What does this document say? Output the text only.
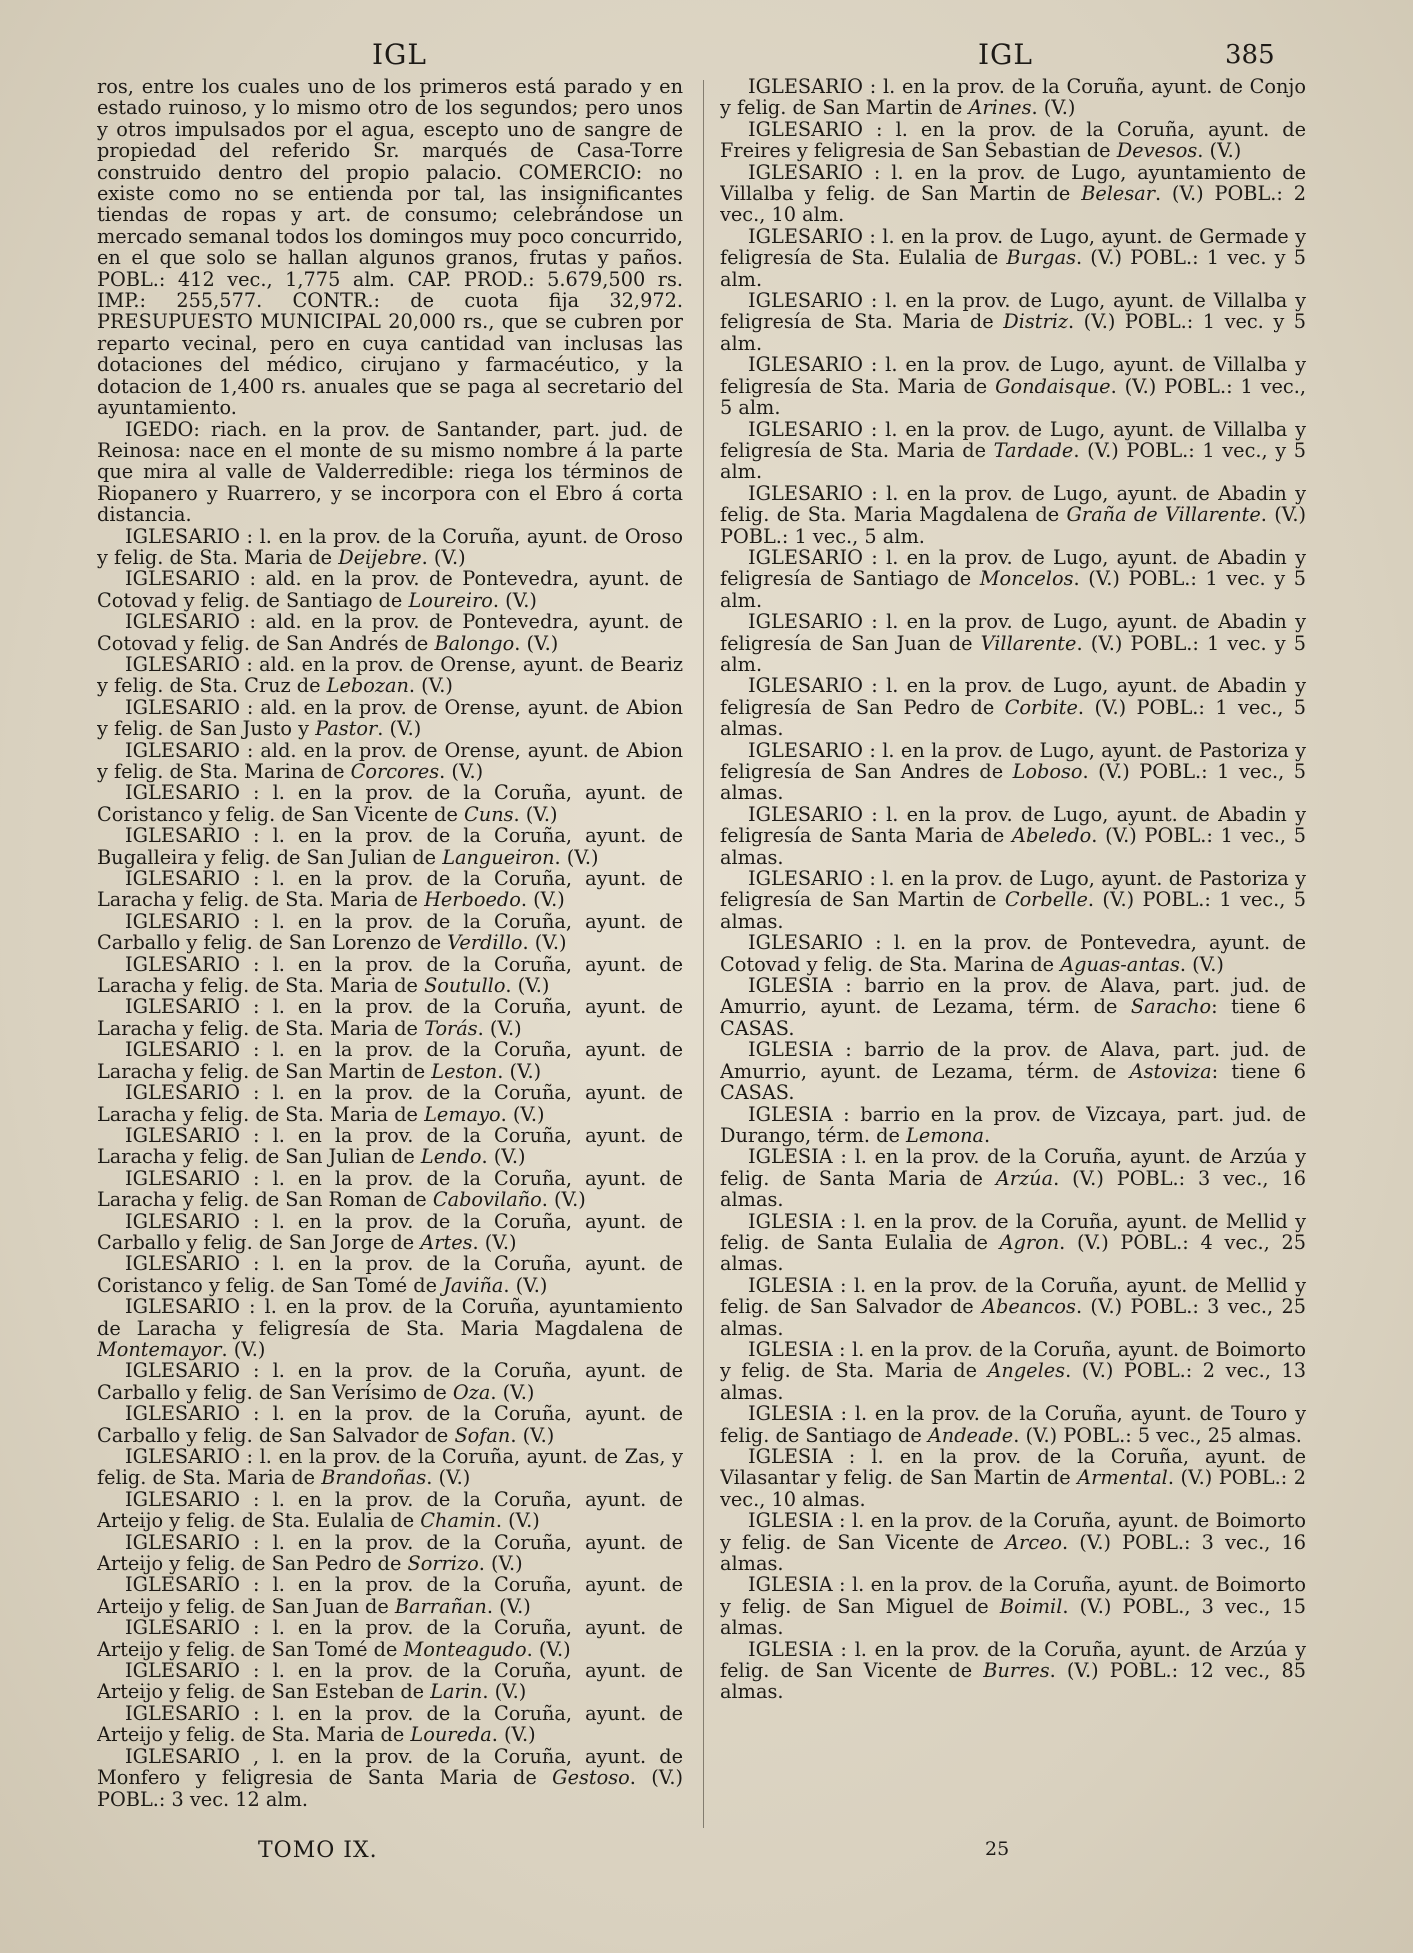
IGL	IGL	385

ros, entre los cuales uno de los primeros está parado y en estado ruinoso, y lo mismo otro de los segundos; pero unos y otros impulsados por el agua, escepto uno de sangre de propiedad del referido Sr. marqués de Casa-Torre construido dentro del propio palacio. COMERCIO: no existe como no se entienda por tal, las insignificantes tiendas de ropas y art. de consumo; celebrándose un mercado semanal todos los domingos muy poco concurrido, en el que solo se hallan algunos granos, frutas y paños. POBL.: 412 vec., 1,775 alm. CAP. PROD.: 5.679,500 rs. IMP.: 255,577. CONTR.: de cuota fija 32,972. PRESUPUESTO MUNICIPAL 20,000 rs., que se cubren por reparto vecinal, pero en cuya cantidad van inclusas las dotaciones del médico, cirujano y farmacéutico, y la dotacion de 1,400 rs. anuales que se paga al secretario del ayuntamiento.

IGEDO: riach. en la prov. de Santander, part. jud. de Reinosa: nace en el monte de su mismo nombre á la parte que mira al valle de Valderredible: riega los términos de Riopanero y Ruarrero, y se incorpora con el Ebro á corta distancia.

IGLESARIO : l. en la prov. de la Coruña, ayunt. de Oroso y felig. de Sta. Maria de Deijebre. (V.)

IGLESARIO : ald. en la prov. de Pontevedra, ayunt. de Cotovad y felig. de Santiago de Loureiro. (V.)

IGLESARIO : ald. en la prov. de Pontevedra, ayunt. de Cotovad y felig. de San Andrés de Balongo. (V.)

IGLESARIO : ald. en la prov. de Orense, ayunt. de Beariz y felig. de Sta. Cruz de Lebozan. (V.)

IGLESARIO : ald. en la prov. de Orense, ayunt. de Abion y felig. de San Justo y Pastor. (V.)

IGLESARIO : ald. en la prov. de Orense, ayunt. de Abion y felig. de Sta. Marina de Corcores. (V.)

IGLESARIO : l. en la prov. de la Coruña, ayunt. de Coristanco y felig. de San Vicente de Cuns. (V.)

IGLESARIO : l. en la prov. de la Coruña, ayunt. de Bugalleira y felig. de San Julian de Langueiron. (V.)

IGLESARIO : l. en la prov. de la Coruña, ayunt. de Laracha y felig. de Sta. Maria de Herboedo. (V.)

IGLESARIO : l. en la prov. de la Coruña, ayunt. de Carballo y felig. de San Lorenzo de Verdillo. (V.)

IGLESARIO : l. en la prov. de la Coruña, ayunt. de Laracha y felig. de Sta. Maria de Soutullo. (V.)

IGLESARIO : l. en la prov. de la Coruña, ayunt. de Laracha y felig. de Sta. Maria de Torás. (V.)

IGLESARIO : l. en la prov. de la Coruña, ayunt. de Laracha y felig. de San Martin de Leston. (V.)

IGLESARIO : l. en la prov. de la Coruña, ayunt. de Laracha y felig. de Sta. Maria de Lemayo. (V.)

IGLESARIO : l. en la prov. de la Coruña, ayunt. de Laracha y felig. de San Julian de Lendo. (V.)

IGLESARIO : l. en la prov. de la Coruña, ayunt. de Laracha y felig. de San Roman de Cabovilaño. (V.)

IGLESARIO : l. en la prov. de la Coruña, ayunt. de Carballo y felig. de San Jorge de Artes. (V.)

IGLESARIO : l. en la prov. de la Coruña, ayunt. de Coristanco y felig. de San Tomé de Javiña. (V.)

IGLESARIO : l. en la prov. de la Coruña, ayuntamiento de Laracha y feligresía de Sta. Maria Magdalena de Montemayor. (V.)

IGLESARIO : l. en la prov. de la Coruña, ayunt. de Carballo y felig. de San Verísimo de Oza. (V.)

IGLESARIO : l. en la prov. de la Coruña, ayunt. de Carballo y felig. de San Salvador de Sofan. (V.)

IGLESARIO : l. en la prov. de la Coruña, ayunt. de Zas, y felig. de Sta. Maria de Brandoñas. (V.)

IGLESARIO : l. en la prov. de la Coruña, ayunt. de Arteijo y felig. de Sta. Eulalia de Chamin. (V.)

IGLESARIO : l. en la prov. de la Coruña, ayunt. de Arteijo y felig. de San Pedro de Sorrizo. (V.)

IGLESARIO : l. en la prov. de la Coruña, ayunt. de Arteijo y felig. de San Juan de Barrañan. (V.)

IGLESARIO : l. en la prov. de la Coruña, ayunt. de Arteijo y felig. de San Tomé de Monteagudo. (V.)

IGLESARIO : l. en la prov. de la Coruña, ayunt. de Arteijo y felig. de San Esteban de Larin. (V.)

IGLESARIO : l. en la prov. de la Coruña, ayunt. de Arteijo y felig. de Sta. Maria de Loureda. (V.)

IGLESARIO , l. en la prov. de la Coruña, ayunt. de Monfero y feligresia de Santa Maria de Gestoso. (V.) POBL.: 3 vec. 12 alm.

IGLESARIO : l. en la prov. de la Coruña, ayunt. de Conjo y felig. de San Martin de Arines. (V.)

IGLESARIO : l. en la prov. de la Coruña, ayunt. de Freires y feligresia de San Sebastian de Devesos. (V.)

IGLESARIO : l. en la prov. de Lugo, ayuntamiento de Villalba y felig. de San Martin de Belesar. (V.) POBL.: 2 vec., 10 alm.

IGLESARIO : l. en la prov. de Lugo, ayunt. de Germade y feligresía de Sta. Eulalia de Burgas. (V.) POBL.: 1 vec. y 5 alm.

IGLESARIO : l. en la prov. de Lugo, ayunt. de Villalba y feligresía de Sta. Maria de Distriz. (V.) POBL.: 1 vec. y 5 alm.

IGLESARIO : l. en la prov. de Lugo, ayunt. de Villalba y feligresía de Sta. Maria de Gondaisque. (V.) POBL.: 1 vec., 5 alm.

IGLESARIO : l. en la prov. de Lugo, ayunt. de Villalba y feligresía de Sta. Maria de Tardade. (V.) POBL.: 1 vec., y 5 alm.

IGLESARIO : l. en la prov. de Lugo, ayunt. de Abadin y felig. de Sta. Maria Magdalena de Graña de Villarente. (V.) POBL.: 1 vec., 5 alm.

IGLESARIO : l. en la prov. de Lugo, ayunt. de Abadin y feligresía de Santiago de Moncelos. (V.) POBL.: 1 vec. y 5 alm.

IGLESARIO : l. en la prov. de Lugo, ayunt. de Abadin y feligresía de San Juan de Villarente. (V.) POBL.: 1 vec. y 5 alm.

IGLESARIO : l. en la prov. de Lugo, ayunt. de Abadin y feligresía de San Pedro de Corbite. (V.) POBL.: 1 vec., 5 almas.

IGLESARIO : l. en la prov. de Lugo, ayunt. de Pastoriza y feligresía de San Andres de Loboso. (V.) POBL.: 1 vec., 5 almas.

IGLESARIO : l. en la prov. de Lugo, ayunt. de Abadin y feligresía de Santa Maria de Abeledo. (V.) POBL.: 1 vec., 5 almas.

IGLESARIO : l. en la prov. de Lugo, ayunt. de Pastoriza y feligresía de San Martin de Corbelle. (V.) POBL.: 1 vec., 5 almas.

IGLESARIO : l. en la prov. de Pontevedra, ayunt. de Cotovad y felig. de Sta. Marina de Aguas-antas. (V.)

IGLESIA : barrio en la prov. de Alava, part. jud. de Amurrio, ayunt. de Lezama, térm. de Saracho: tiene 6 CASAS.

IGLESIA : barrio de la prov. de Alava, part. jud. de Amurrio, ayunt. de Lezama, térm. de Astoviza: tiene 6 CASAS.

IGLESIA : barrio en la prov. de Vizcaya, part. jud. de Durango, térm. de Lemona.

IGLESIA : l. en la prov. de la Coruña, ayunt. de Arzúa y felig. de Santa Maria de Arzúa. (V.) POBL.: 3 vec., 16 almas.

IGLESIA : l. en la prov. de la Coruña, ayunt. de Mellid y felig. de Santa Eulalia de Agron. (V.) POBL.: 4 vec., 25 almas.

IGLESIA : l. en la prov. de la Coruña, ayunt. de Mellid y felig. de San Salvador de Abeancos. (V.) POBL.: 3 vec., 25 almas.

IGLESIA : l. en la prov. de la Coruña, ayunt. de Boimorto y felig. de Sta. Maria de Angeles. (V.) POBL.: 2 vec., 13 almas.

IGLESIA : l. en la prov. de la Coruña, ayunt. de Touro y felig. de Santiago de Andeade. (V.) POBL.: 5 vec., 25 almas.

IGLESIA : l. en la prov. de la Coruña, ayunt. de Vilasantar y felig. de San Martin de Armental. (V.) POBL.: 2 vec., 10 almas.

IGLESIA : l. en la prov. de la Coruña, ayunt. de Boimorto y felig. de San Vicente de Arceo. (V.) POBL.: 3 vec., 16 almas.

IGLESIA : l. en la prov. de la Coruña, ayunt. de Boimorto y felig. de San Miguel de Boimil. (V.) POBL., 3 vec., 15 almas.

IGLESIA : l. en la prov. de la Coruña, ayunt. de Arzúa y felig. de San Vicente de Burres. (V.) POBL.: 12 vec., 85 almas.

TOMO IX.	25
